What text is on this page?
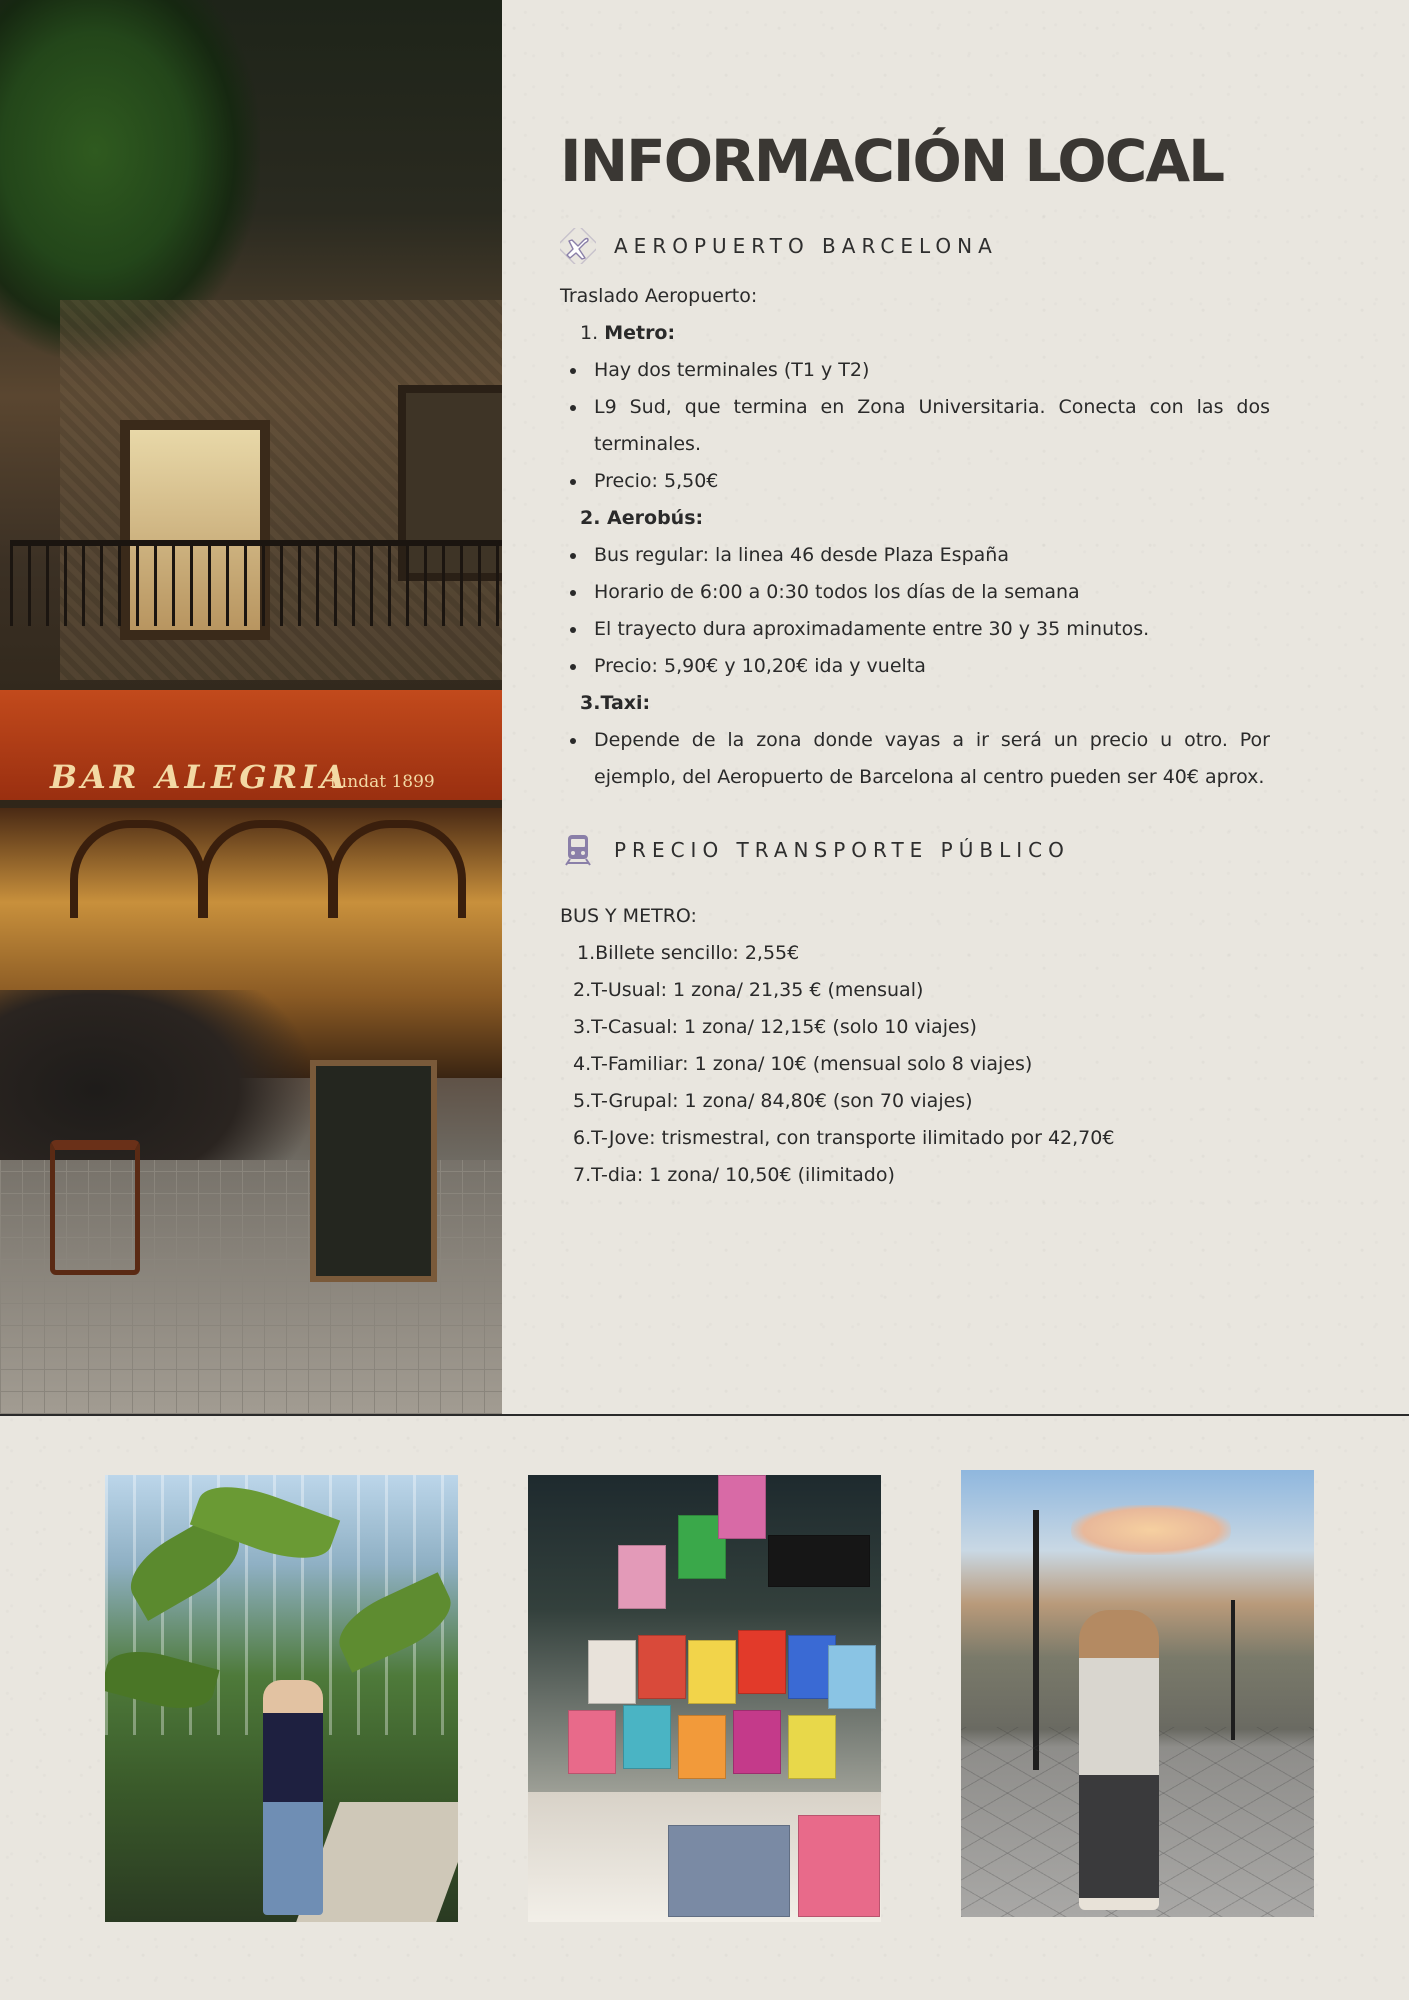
BAR ALEGRIA
fundat 1899
INFORMACIÓN LOCAL
AEROPUERTO BARCELONA
Traslado Aeropuerto:
1. Metro:
Hay dos terminales (T1 y T2)
L9 Sud, que termina en Zona Universitaria. Conecta con las dos terminales.
Precio: 5,50€
2. Aerobús:
Bus regular: la linea 46 desde Plaza España
Horario de 6:00 a 0:30 todos los días de la semana
El trayecto dura aproximadamente entre 30 y 35 minutos.
Precio: 5,90€ y 10,20€ ida y vuelta
3.Taxi:
Depende de la zona donde vayas a ir será un precio u otro. Por ejemplo, del Aeropuerto de Barcelona al centro pueden ser 40€ aprox.
PRECIO TRANSPORTE PÚBLICO
BUS Y METRO:
1.Billete sencillo: 2,55€
2.T-Usual: 1 zona/ 21,35 € (mensual)
3.T-Casual: 1 zona/ 12,15€ (solo 10 viajes)
4.T-Familiar: 1 zona/ 10€ (mensual solo 8 viajes)
5.T-Grupal: 1 zona/ 84,80€ (son 70 viajes)
6.T-Jove: trismestral, con transporte ilimitado por 42,70€
7.T-dia: 1 zona/ 10,50€ (ilimitado)
